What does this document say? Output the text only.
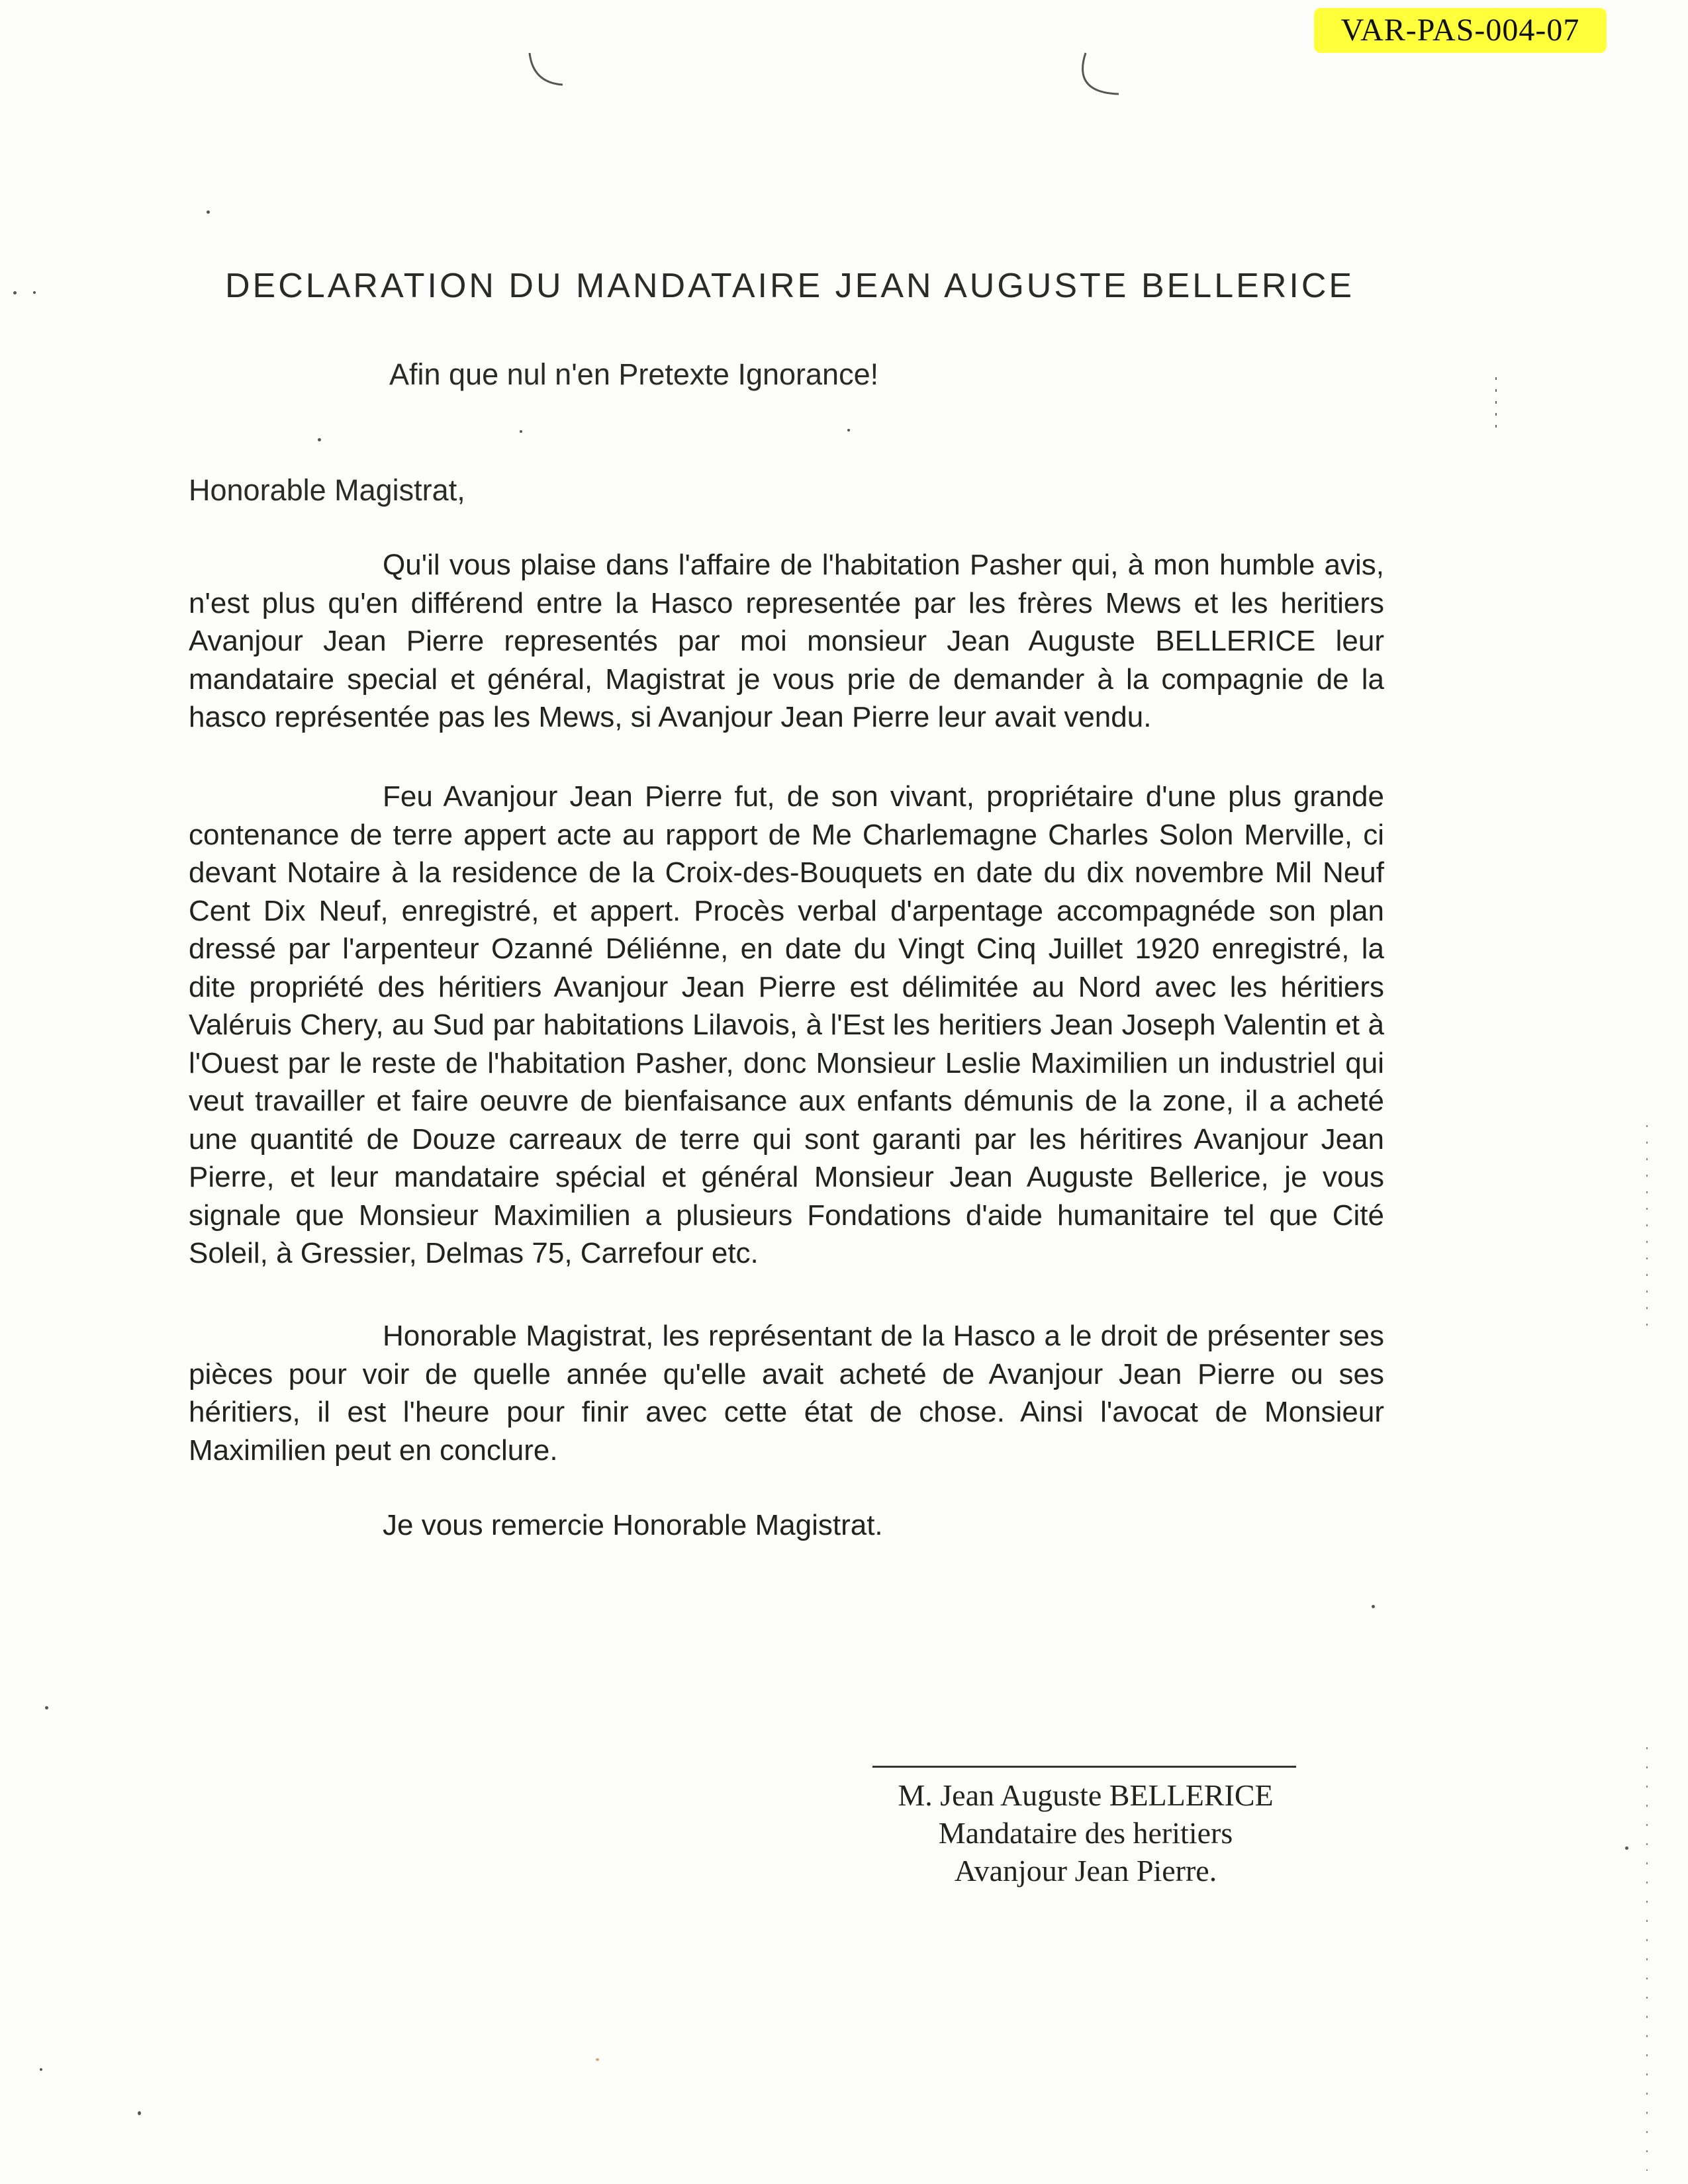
VAR-PAS-004-07
DECLARATION DU MANDATAIRE JEAN AUGUSTE BELLERICE
Afin que nul n'en Pretexte Ignorance!
Honorable Magistrat,

Qu'il vous plaise dans l'affaire de l'habitation Pasher qui, à mon humble avis, n'est plus qu'en différend entre la Hasco representée par les frères Mews et les heritiers Avanjour Jean Pierre representés par moi monsieur Jean Auguste BELLERICE leur mandataire special et général, Magistrat je vous prie de demander à la compagnie de la hasco représentée pas les Mews, si Avanjour Jean Pierre leur avait vendu.

Feu Avanjour Jean Pierre fut, de son vivant, propriétaire d'une plus grande contenance de terre appert acte au rapport de Me Charlemagne Charles Solon Merville, ci devant Notaire à la residence de la Croix-des-Bouquets en date du dix novembre Mil Neuf Cent Dix Neuf, enregistré, et appert. Procès verbal d'arpentage accompagnéde son plan dressé par l'arpenteur Ozanné Déliénne, en date du Vingt Cinq Juillet 1920 enregistré, la dite propriété des héritiers Avanjour Jean Pierre est délimitée au Nord avec les héritiers Valéruis Chery, au Sud par habitations Lilavois, à l'Est les heritiers Jean Joseph Valentin et à l'Ouest par le reste de l'habitation Pasher, donc Monsieur Leslie Maximilien un industriel qui veut travailler et faire oeuvre de bienfaisance aux enfants démunis de la zone, il a acheté une quantité de Douze carreaux de terre qui sont garanti par les héritires Avanjour Jean Pierre, et leur mandataire spécial et général Monsieur Jean Auguste Bellerice, je vous signale que Monsieur Maximilien a plusieurs Fondations d'aide humanitaire tel que Cité Soleil, à Gressier, Delmas 75, Carrefour etc.

Honorable Magistrat, les représentant de la Hasco a le droit de présenter ses pièces pour voir de quelle année qu'elle avait acheté de Avanjour Jean Pierre ou ses héritiers, il est l'heure pour finir avec cette état de chose. Ainsi l'avocat de Monsieur Maximilien peut en conclure.

Je vous remercie Honorable Magistrat.
M. Jean Auguste BELLERICE
Mandataire des heritiers
Avanjour Jean Pierre.
